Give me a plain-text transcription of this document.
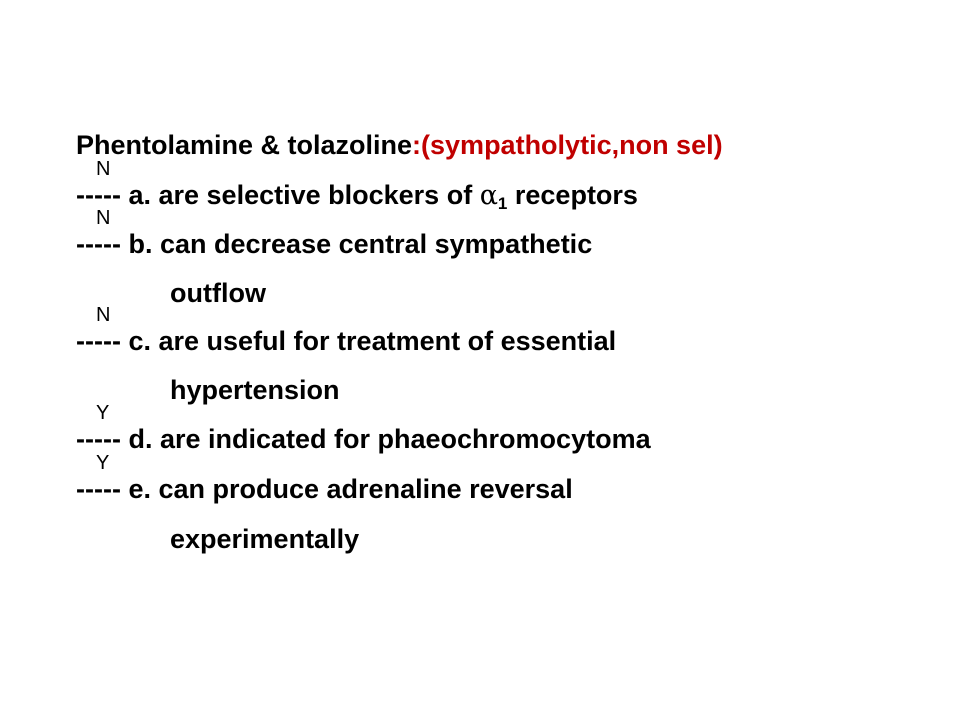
Phentolamine & tolazoline:(sympatholytic,non sel)
-----
N
a. are selective blockers of $\alpha_1$ receptors
-----
N
b. can decrease central sympathetic
outflow
-----
N
c. are useful for treatment of essential
hypertension
-----
Y
d. are indicated for phaeochromocytoma
-----
Y
e. can produce adrenaline reversal
experimentally
